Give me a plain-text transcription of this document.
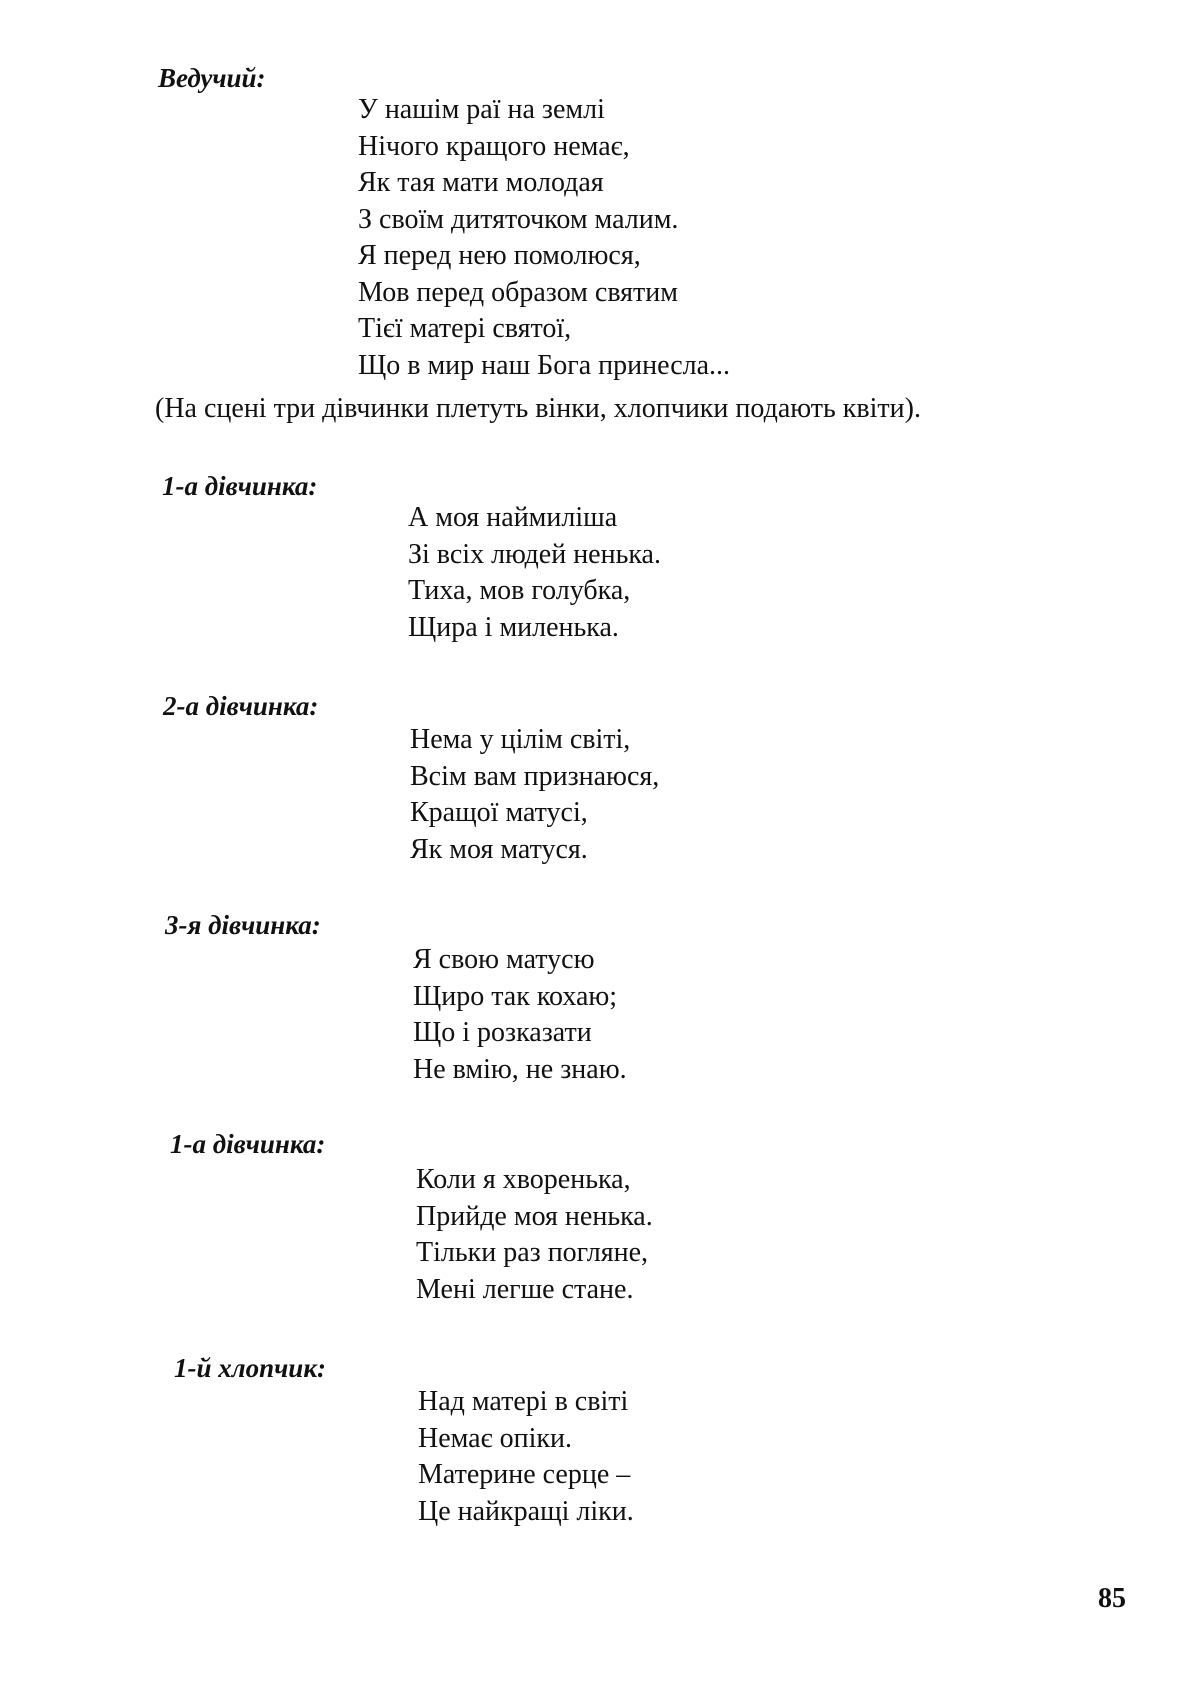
Ведучий:
У нашім раї на землі
Нічого кращого немає,
Як тая мати молодая
З своїм дитяточком малим.
Я перед нею помолюся,
Мов перед образом святим
Тієї матері святої,
Що в мир наш Бога принесла...
(На сцені три дівчинки плетуть вінки, хлопчики подають квіти).
1-а дівчинка:
А моя наймиліша
Зі всіх людей ненька.
Тиха, мов голубка,
Щира і миленька.
2-а дівчинка:
Нема у цілім світі,
Всім вам признаюся,
Кращої матусі,
Як моя матуся.
3-я дівчинка:
Я свою матусю
Щиро так кохаю;
Що і розказати
Не вмію, не знаю.
1-а дівчинка:
Коли я хворенька,
Прийде моя ненька.
Тільки раз погляне,
Мені легше стане.
1-й хлопчик:
Над матері в світі
Немає опіки.
Материне серце –
Це найкращі ліки.
85
